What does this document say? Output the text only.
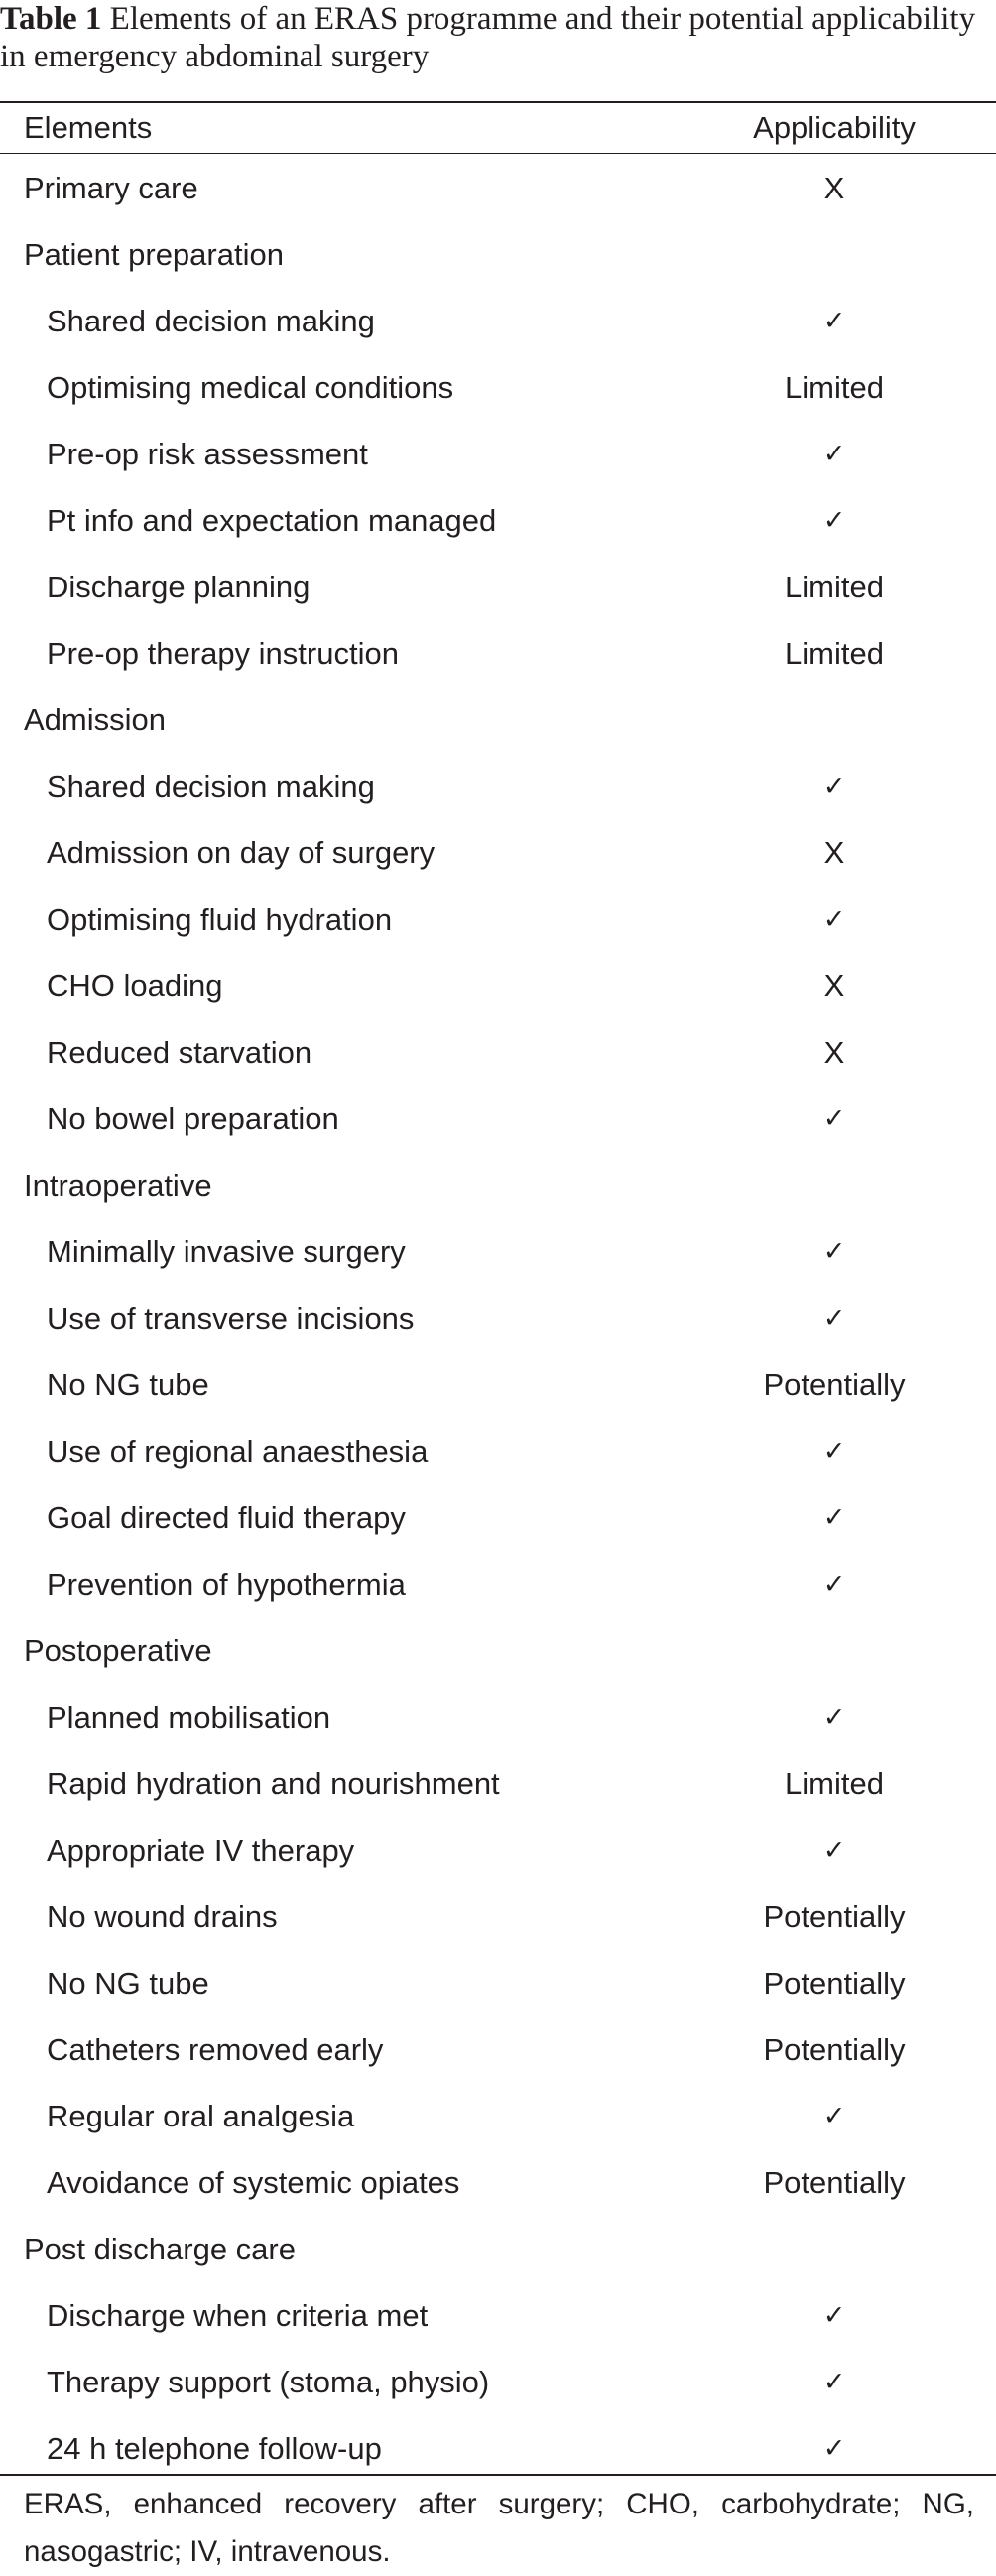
Table 1 Elements of an ERAS programme and their potential applicability in emergency abdominal surgery
Elements	Applicability
Primary care	X
Patient preparation
Shared decision making	✓
Optimising medical conditions	Limited
Pre-op risk assessment	✓
Pt info and expectation managed	✓
Discharge planning	Limited
Pre-op therapy instruction	Limited
Admission
Shared decision making	✓
Admission on day of surgery	X
Optimising fluid hydration	✓
CHO loading	X
Reduced starvation	X
No bowel preparation	✓
Intraoperative
Minimally invasive surgery	✓
Use of transverse incisions	✓
No NG tube	Potentially
Use of regional anaesthesia	✓
Goal directed fluid therapy	✓
Prevention of hypothermia	✓
Postoperative
Planned mobilisation	✓
Rapid hydration and nourishment	Limited
Appropriate IV therapy	✓
No wound drains	Potentially
No NG tube	Potentially
Catheters removed early	Potentially
Regular oral analgesia	✓
Avoidance of systemic opiates	Potentially
Post discharge care
Discharge when criteria met	✓
Therapy support (stoma, physio)	✓
24 h telephone follow-up	✓
ERAS, enhanced recovery after surgery; CHO, carbohydrate; NG, nasogastric; IV, intravenous.
